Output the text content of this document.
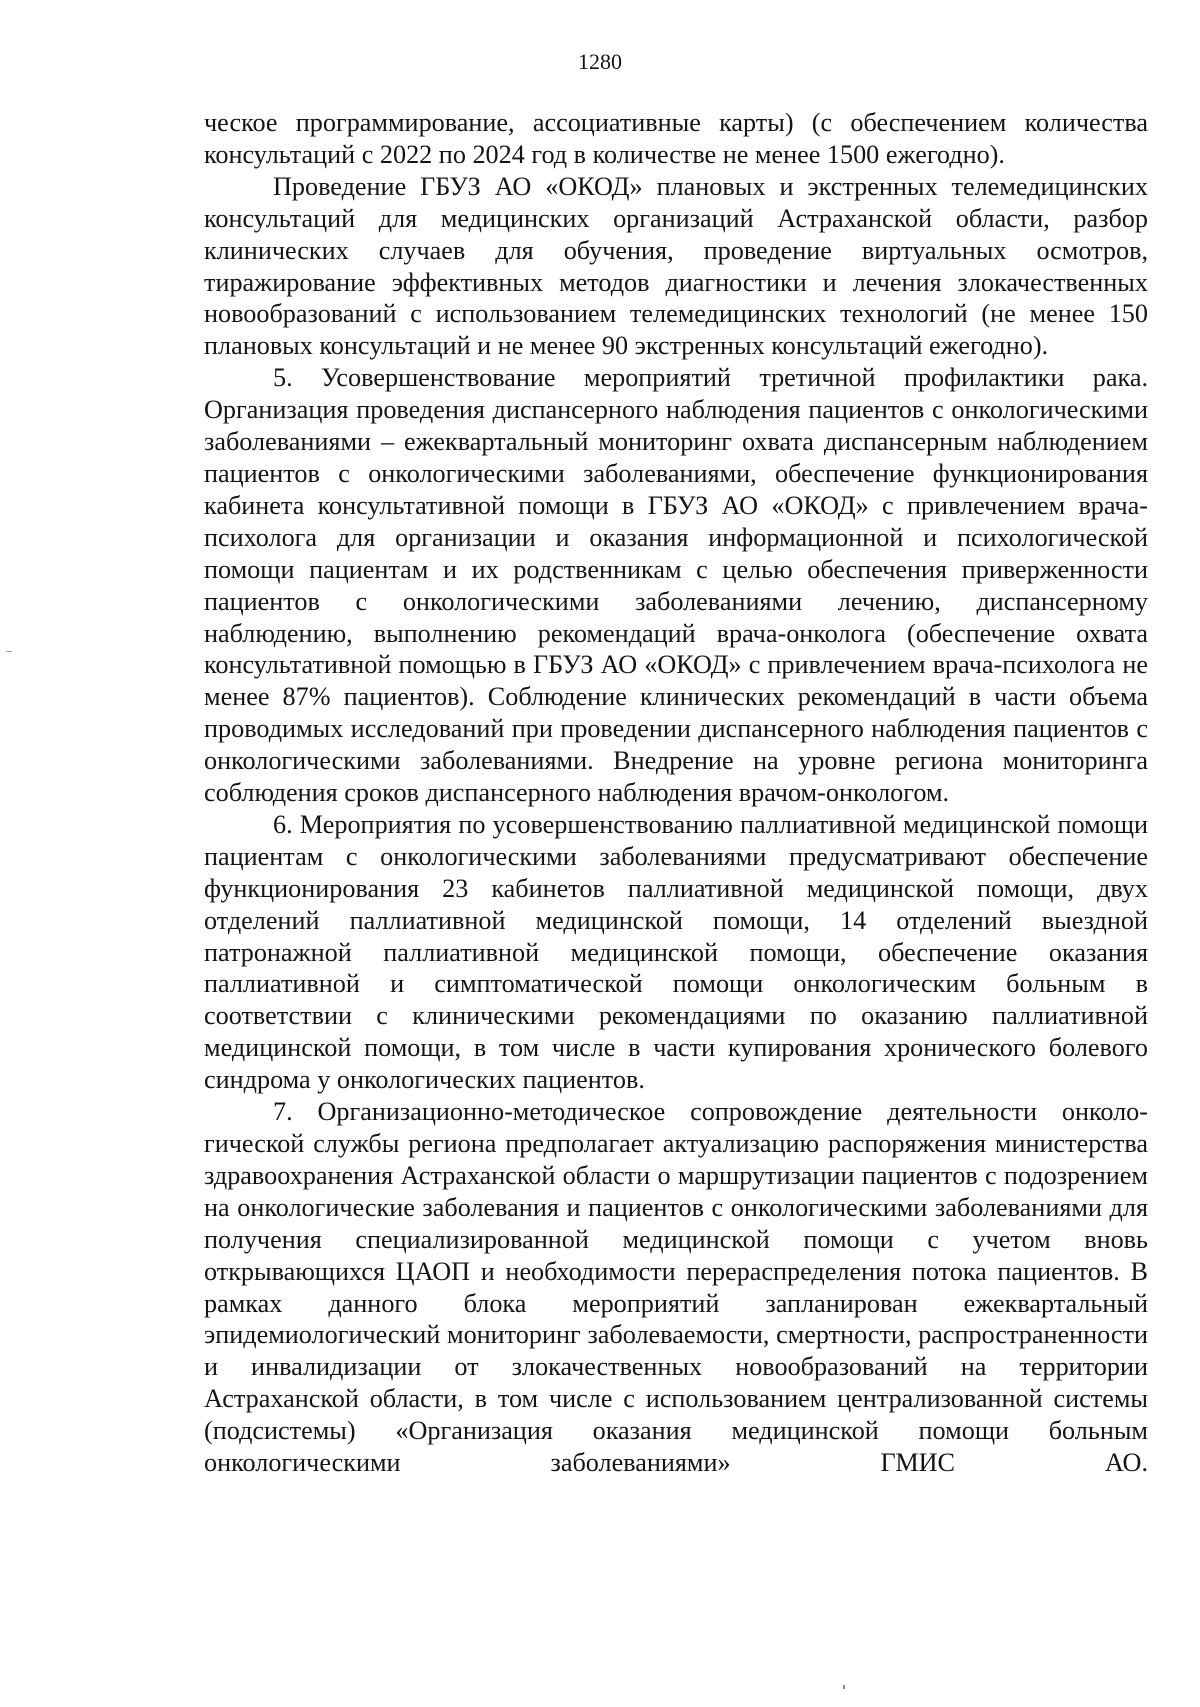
1280

ческое программирование, ассоциативные карты) (с обеспечением количества консультаций с 2022 по 2024 год в количестве не менее 1500 ежегодно).

Проведение ГБУЗ АО «ОКОД» плановых и экстренных телемедицинских консультаций для медицинских организаций Астраханской области, разбор клинических случаев для обучения, проведение виртуальных осмотров, тиражирование эффективных методов диагностики и лечения злокачественных новообразований с использованием телемедицинских технологий (не менее 150 плановых консультаций и не менее 90 экстренных консультаций ежегодно).

5. Усовершенствование мероприятий третичной профилактики рака. Организация проведения диспансерного наблюдения пациентов с онкологическими заболеваниями – ежеквартальный мониторинг охвата диспансерным наблюдением пациентов с онкологическими заболеваниями, обеспечение функционирования кабинета консультативной помощи в ГБУЗ АО «ОКОД» с привлечением врача-психолога для организации и оказания информационной и психологической помощи пациентам и их родственникам с целью обеспечения приверженности пациентов с онкологическими заболеваниями лечению, диспансерному наблюдению, выполнению рекомендаций врача-онколога (обеспечение охвата консультативной помощью в ГБУЗ АО «ОКОД» с привлечением врача-психолога не менее 87% пациентов). Соблюдение клинических рекомендаций в части объема проводимых исследований при проведении диспансерного наблюдения пациентов с онкологическими заболеваниями. Внедрение на уровне региона мониторинга соблюдения сроков диспансерного наблюдения врачом-онкологом.

6. Мероприятия по усовершенствованию паллиативной медицинской помощи пациентам с онкологическими заболеваниями предусматривают обеспечение функционирования 23 кабинетов паллиативной медицинской помощи, двух отделений паллиативной медицинской помощи, 14 отделений выездной патронажной паллиативной медицинской помощи, обеспечение оказания паллиативной и симптоматической помощи онкологическим больным в соответствии с клиническими рекомендациями по оказанию паллиативной медицинской помощи, в том числе в части купирования хронического болевого синдрома у онкологических пациентов.

7. Организационно-методическое сопровождение деятельности онкологической службы региона предполагает актуализацию распоряжения министерства здравоохранения Астраханской области о маршрутизации пациентов с подозрением на онкологические заболевания и пациентов с онкологическими заболеваниями для получения специализированной медицинской помощи с учетом вновь открывающихся ЦАОП и необходимости перераспределения потока пациентов. В рамках данного блока мероприятий запланирован ежеквартальный эпидемиологический мониторинг заболеваемости, смертности, распространенности и инвалидизации от злокачественных новообразований на территории Астраханской области, в том числе с использованием централизованной системы (подсистемы) «Организация оказания медицинской помощи больным онкологическими заболеваниями» ГМИС АО.
